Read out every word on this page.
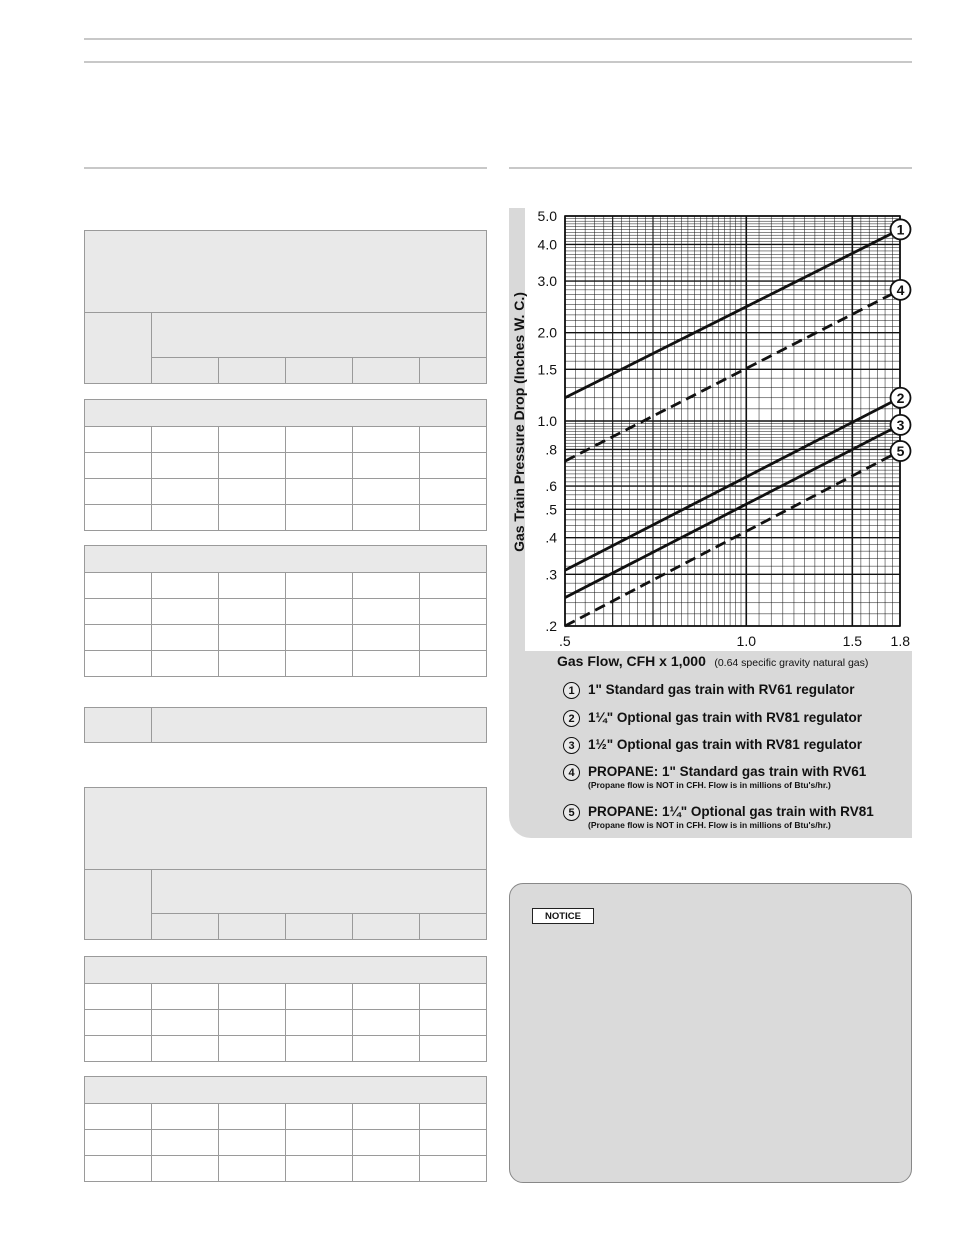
.2
.3
.4
.5
.6
.8
1.0
1.5
2.0
3.0
4.0
5.0
.5	1.0	1.5 1.8
1
4
2
3
5
Gas Train Pressure Drop (Inches W. C.)
Gas Flow, CFH x 1,000 (0.64 specific gravity natural gas)
1 1" Standard gas train with RV61 regulator
2 1¼" Optional gas train with RV81 regulator
3 1½" Optional gas train with RV81 regulator
4 PROPANE: 1" Standard gas train with RV61
(Propane flow is NOT in CFH. Flow is in millions of Btu's/hr.)
5 PROPANE: 1¼" Optional gas train with RV81
(Propane flow is NOT in CFH. Flow is in millions of Btu's/hr.)
NOTICE
